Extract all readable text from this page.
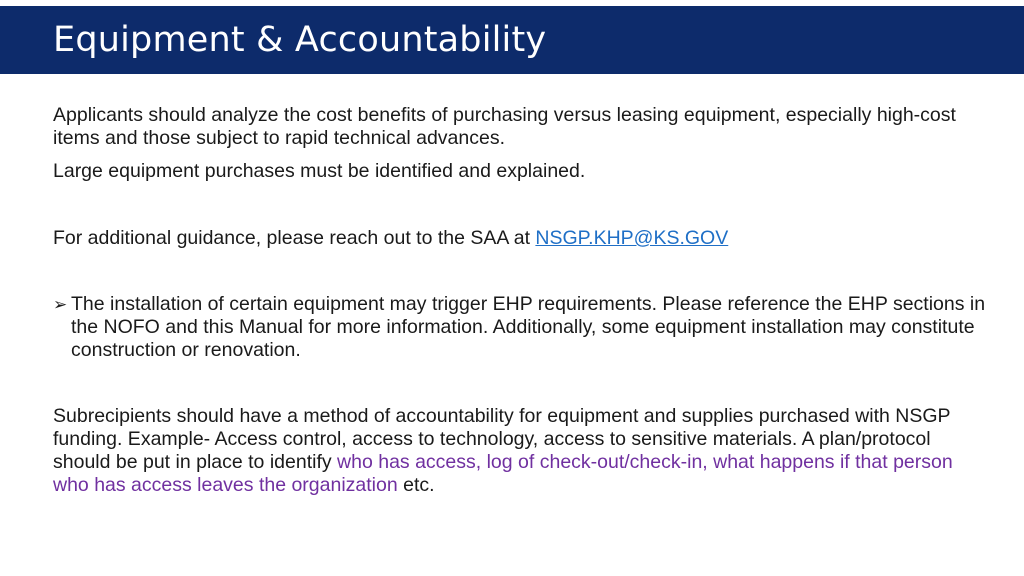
Equipment & Accountability

Applicants should analyze the cost benefits of purchasing versus leasing equipment, especially high-cost items and those subject to rapid technical advances.

Large equipment purchases must be identified and explained.

For additional guidance, please reach out to the SAA at NSGP.KHP@KS.GOV

➢ The installation of certain equipment may trigger EHP requirements. Please reference the EHP sections in the NOFO and this Manual for more information. Additionally, some equipment installation may constitute construction or renovation.

Subrecipients should have a method of accountability for equipment and supplies purchased with NSGP funding. Example- Access control, access to technology, access to sensitive materials. A plan/protocol should be put in place to identify who has access, log of check-out/check-in, what happens if that person who has access leaves the organization etc.
